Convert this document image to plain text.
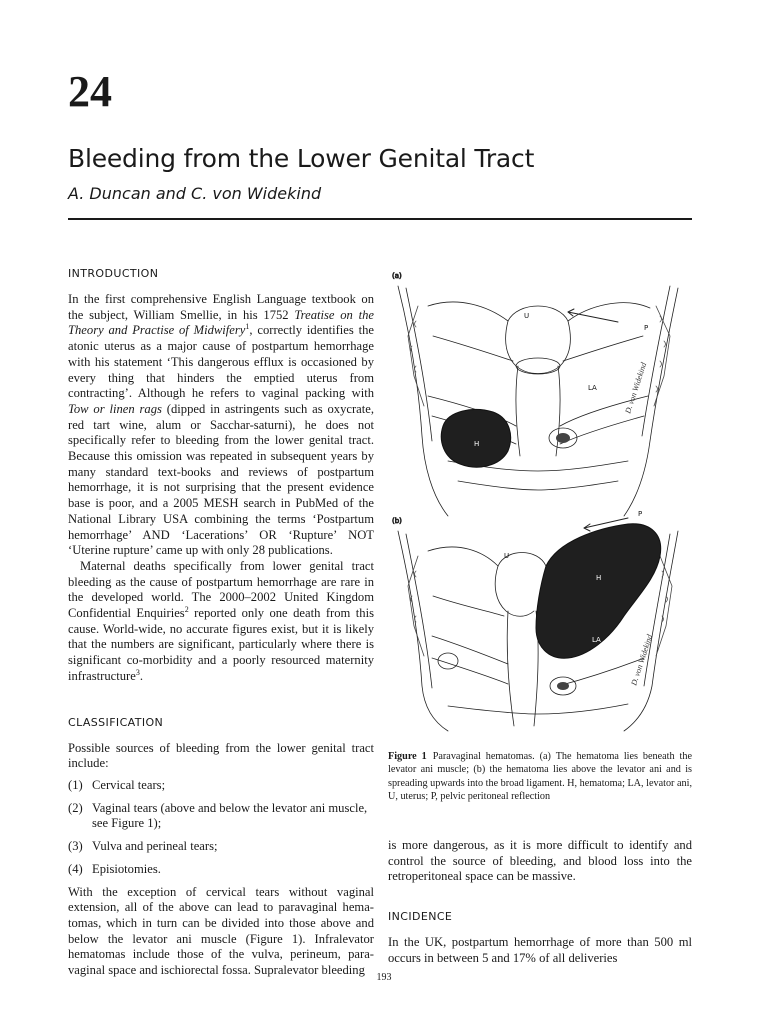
24
Bleeding from the Lower Genital Tract

A. Duncan and C. von Widekind

INTRODUCTION

In the first comprehensive English Language textbook on the subject, William Smellie, in his 1752 Treatise on the Theory and Practise of Midwifery$^1$, correctly identifies the atonic uterus as a major cause of postpartum hemorrhage with his statement ‘This dangerous efflux is occasioned by every thing that hinders the emptied uterus from contracting’. Although he refers to vaginal packing with Tow or linen rags (dipped in astringents such as oxycrate, red tart wine, alum or Sacchar-saturni), he does not specifically refer to bleeding from the lower genital tract. Because this omission was repeated in subsequent years by many standard text-books and reviews of postpartum hemorrhage, it is not surprising that the present evidence base is poor, and a 2005 MESH search in PubMed of the National Library USA combining the terms ‘Postpartum hemorrhage’ AND ‘Lacerations’ OR ‘Rupture’ NOT ‘Uterine rupture’ came up with only 28 publications.

Maternal deaths specifically from lower genital tract bleeding as the cause of postpartum hemorrhage are rare in the developed world. The 2000–2002 United Kingdom Confidential Enquiries$^2$ reported only one death from this cause. World-wide, no accurate figures exist, but it is likely that the numbers are significant, particularly where there is significant co-morbidity and a poorly resourced maternity infrastructure$^3$.

CLASSIFICATION

Possible sources of bleeding from the lower genital tract include:

(1) Cervical tears;
(2) Vaginal tears (above and below the levator ani muscle, see Figure 1);
(3) Vulva and perineal tears;
(4) Episiotomies.

With the exception of cervical tears without vaginal extension, all of the above can lead to paravaginal hema-tomas, which in turn can be divided into those above and below the levator ani muscle (Figure 1). Infralevator hematomas include those of the vulva, perineum, para-vaginal space and ischiorectal fossa. Supralevator bleeding

(a)
U
P
LA
H
D. von Widekind
(b)
U
P
H
LA	D. von Widekind

Figure 1 Paravaginal hematomas. (a) The hematoma lies beneath the levator ani muscle; (b) the hematoma lies above the levator ani and is spreading upwards into the broad ligament. H, hematoma; LA, levator ani, U, uterus; P, pelvic peritoneal reflection

is more dangerous, as it is more difficult to identify and control the source of bleeding, and blood loss into the retroperitoneal space can be massive.

INCIDENCE

In the UK, postpartum hemorrhage of more than 500 ml occurs in between 5 and 17% of all deliveries

193
